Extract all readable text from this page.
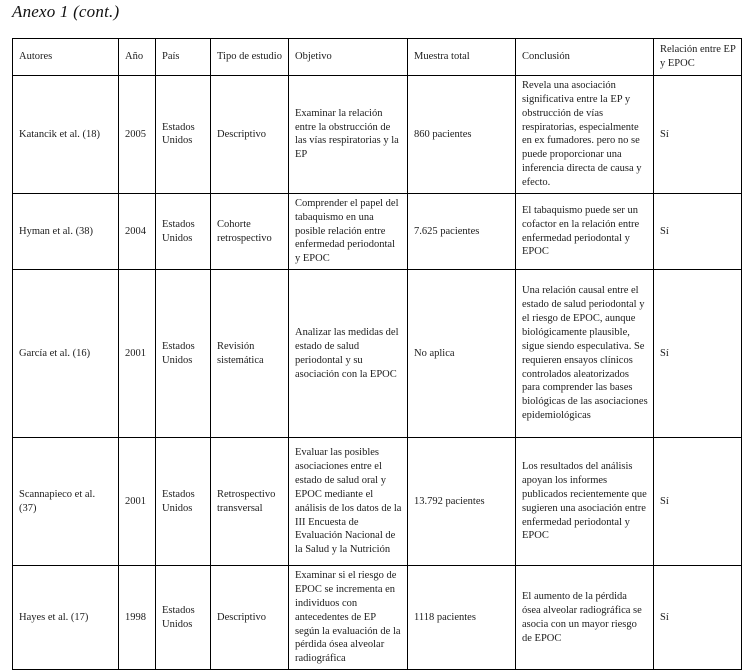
Anexo 1 (cont.)
Autores	Año	País	Tipo de estudio	Objetivo	Muestra total	Conclusión	Relación entre EP y EPOC
Katancik et al. (18)	2005	Estados Unidos	Descriptivo	Examinar la relación entre la obstrucción de las vías respiratorias y la EP	860 pacientes	Revela una asociación significativa entre la EP y obstrucción de vías respiratorias, especialmente en ex fumadores. pero no se puede proporcionar una inferencia directa de causa y efecto.	Sí
Hyman et al. (38)	2004	Estados Unidos	Cohorte retrospectivo	Comprender el papel del tabaquismo en una posible relación entre enfermedad periodontal y EPOC	7.625 pacientes	El tabaquismo puede ser un cofactor en la relación entre enfermedad periodontal y EPOC	Sí
García et al. (16)	2001	Estados Unidos	Revisión sistemática	Analizar las medidas del estado de salud periodontal y su asociación con la EPOC	No aplica	Una relación causal entre el estado de salud periodontal y el riesgo de EPOC, aunque biológicamente plausible, sigue siendo especulativa. Se requieren ensayos clínicos controlados aleatorizados para comprender las bases biológicas de las asociaciones epidemiológicas	Sí
Scannapieco et al. (37)	2001	Estados Unidos	Retrospectivo transversal	Evaluar las posibles asociaciones entre el estado de salud oral y EPOC mediante el análisis de los datos de la III Encuesta de Evaluación Nacional de la Salud y la Nutrición	13.792 pacientes	Los resultados del análisis apoyan los informes publicados recientemente que sugieren una asociación entre enfermedad periodontal y EPOC	Sí
Hayes et al. (17)	1998	Estados Unidos	Descriptivo	Examinar si el riesgo de EPOC se incrementa en individuos con antecedentes de EP según la evaluación de la pérdida ósea alveolar radiográfica	1118 pacientes	El aumento de la pérdida ósea alveolar radiográfica se asocia con un mayor riesgo de EPOC	Sí
